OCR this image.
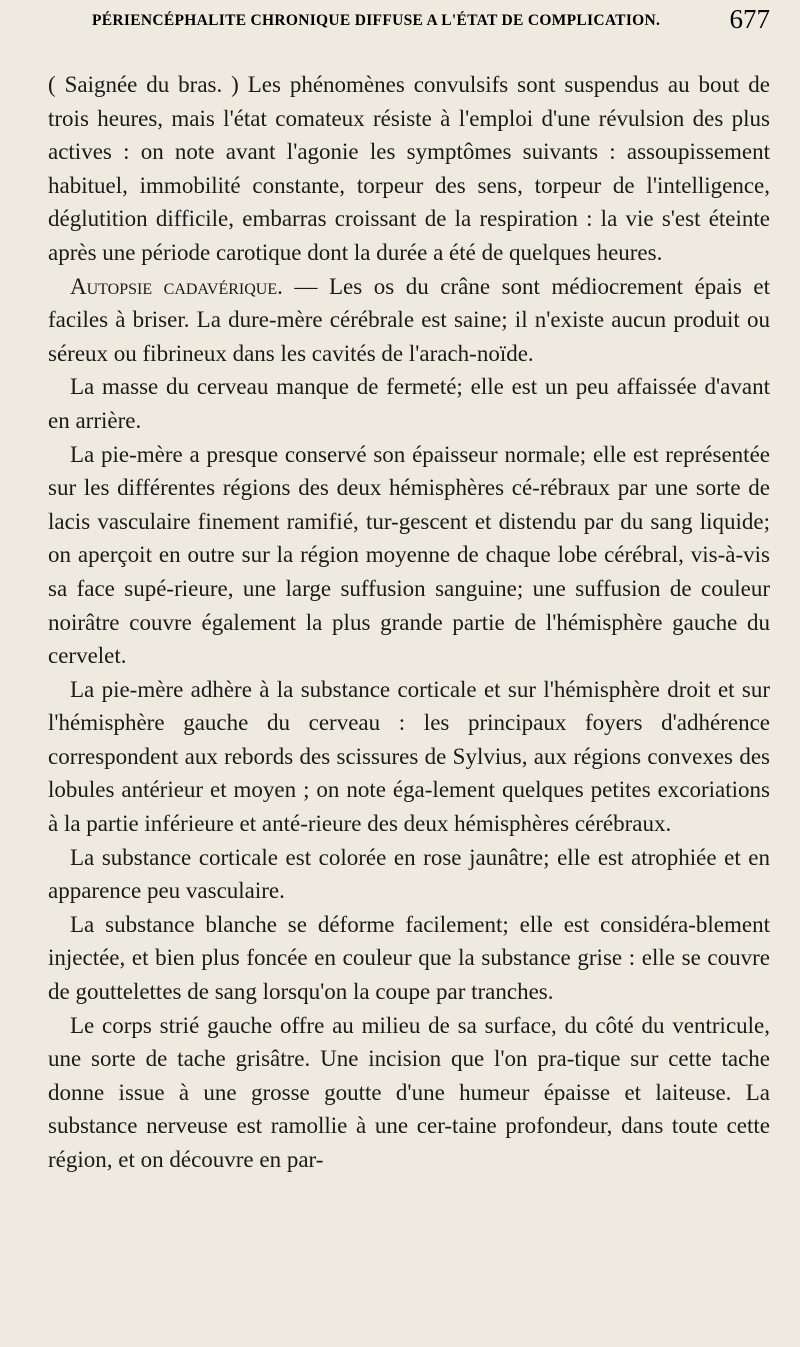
PÉRIENCÉPHALITE CHRONIQUE DIFFUSE A L'ÉTAT DE COMPLICATION.	677

( Saignée du bras. ) Les phénomènes convulsifs sont suspendus au bout de trois heures, mais l'état comateux résiste à l'emploi d'une révulsion des plus actives : on note avant l'agonie les symptômes suivants : assoupissement habituel, immobilité constante, torpeur des sens, torpeur de l'intelligence, déglutition difficile, embarras croissant de la respiration : la vie s'est éteinte après une période carotique dont la durée a été de quelques heures.

Autopsie cadavérique. — Les os du crâne sont médiocrement épais et faciles à briser. La dure-mère cérébrale est saine; il n'existe aucun produit ou séreux ou fibrineux dans les cavités de l'arach-noïde.

La masse du cerveau manque de fermeté; elle est un peu affaissée d'avant en arrière.

La pie-mère a presque conservé son épaisseur normale; elle est représentée sur les différentes régions des deux hémisphères cé-rébraux par une sorte de lacis vasculaire finement ramifié, tur-gescent et distendu par du sang liquide; on aperçoit en outre sur la région moyenne de chaque lobe cérébral, vis-à-vis sa face supé-rieure, une large suffusion sanguine; une suffusion de couleur noirâtre couvre également la plus grande partie de l'hémisphère gauche du cervelet.

La pie-mère adhère à la substance corticale et sur l'hémisphère droit et sur l'hémisphère gauche du cerveau : les principaux foyers d'adhérence correspondent aux rebords des scissures de Sylvius, aux régions convexes des lobules antérieur et moyen ; on note éga-lement quelques petites excoriations à la partie inférieure et anté-rieure des deux hémisphères cérébraux.

La substance corticale est colorée en rose jaunâtre; elle est atrophiée et en apparence peu vasculaire.

La substance blanche se déforme facilement; elle est considéra-blement injectée, et bien plus foncée en couleur que la substance grise : elle se couvre de gouttelettes de sang lorsqu'on la coupe par tranches.

Le corps strié gauche offre au milieu de sa surface, du côté du ventricule, une sorte de tache grisâtre. Une incision que l'on pra-tique sur cette tache donne issue à une grosse goutte d'une humeur épaisse et laiteuse. La substance nerveuse est ramollie à une cer-taine profondeur, dans toute cette région, et on découvre en par-
